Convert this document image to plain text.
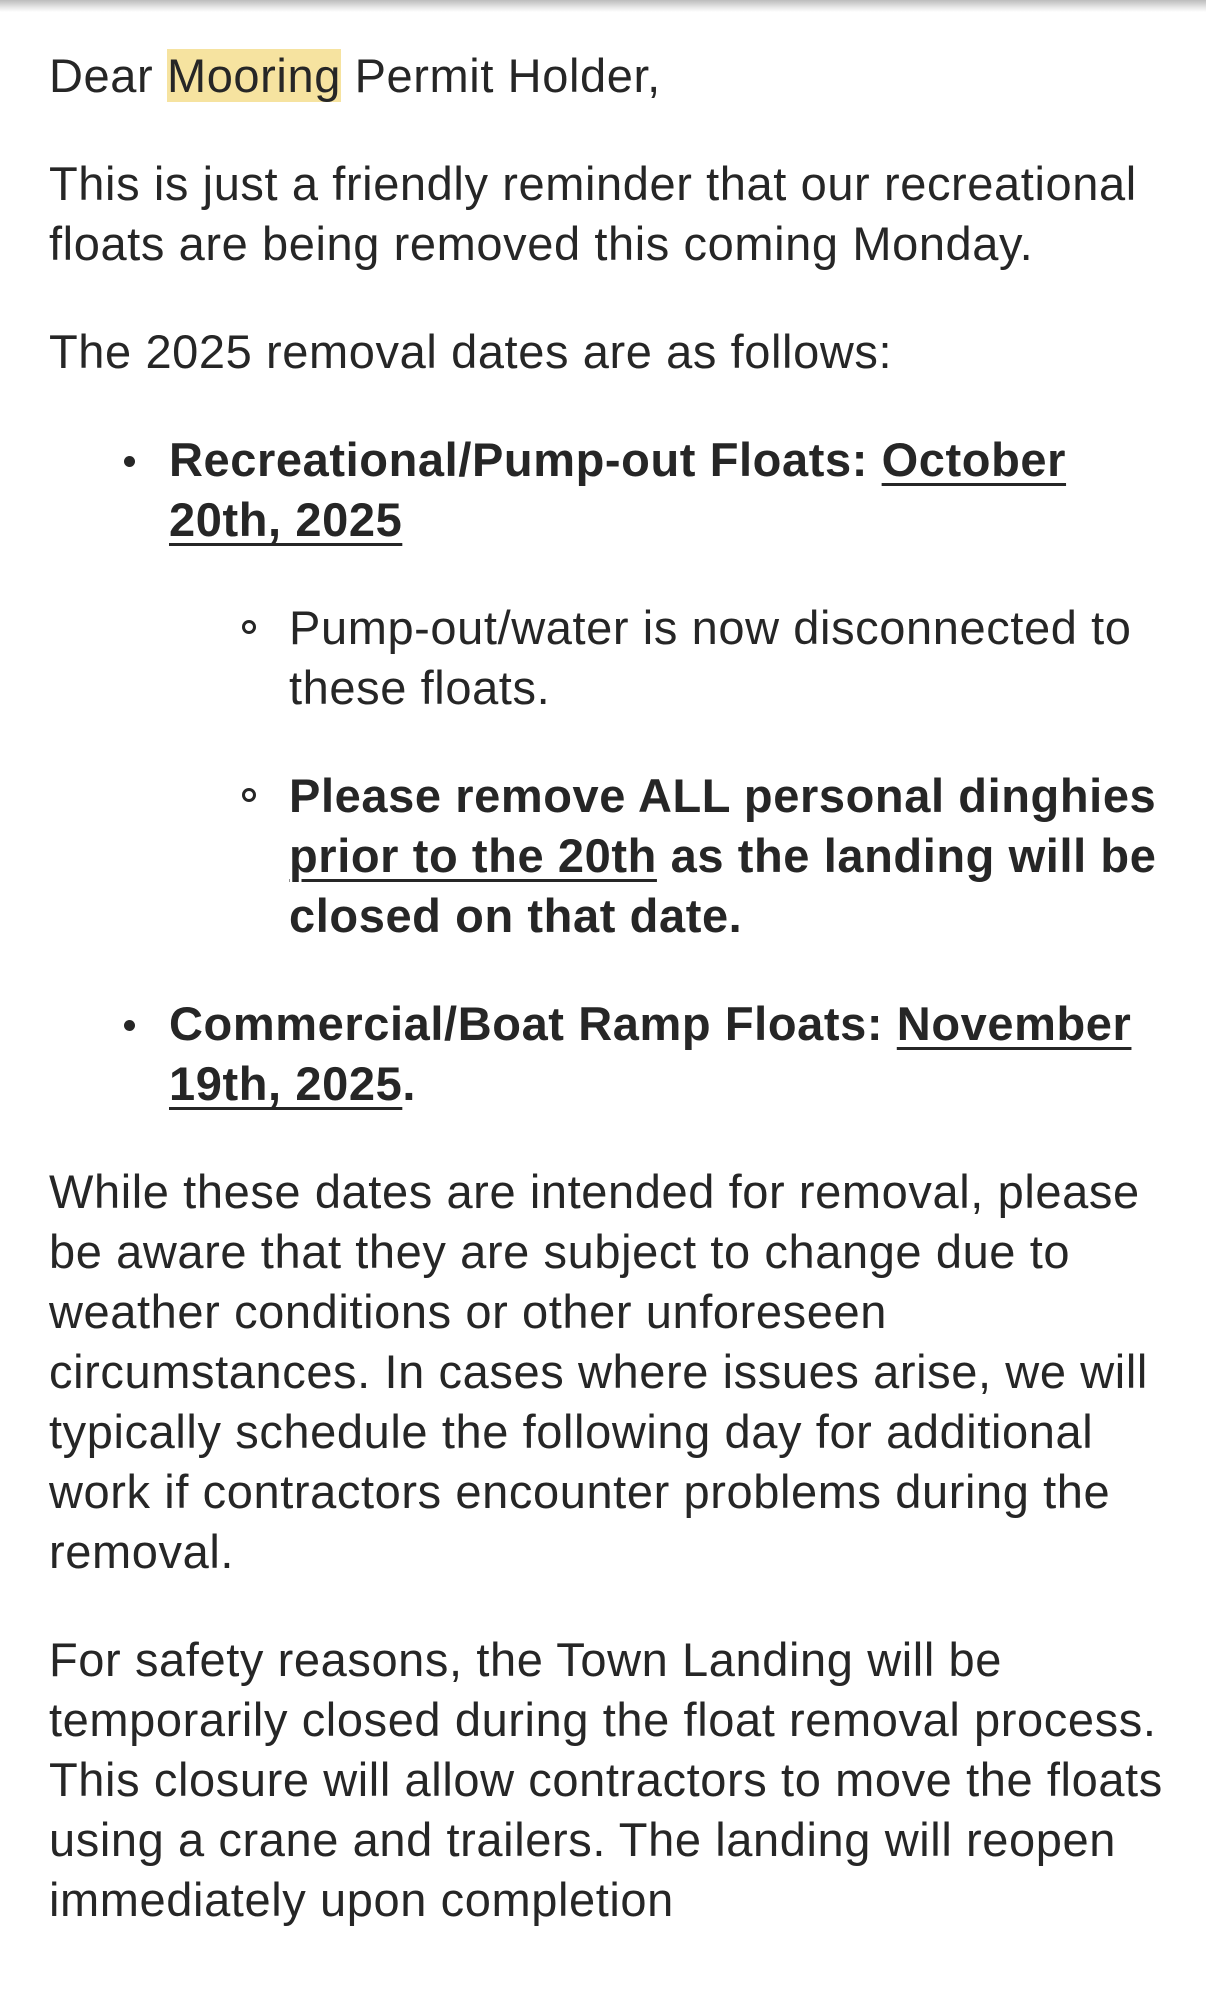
Dear Mooring Permit Holder,

This is just a friendly reminder that our recreational floats are being removed this coming Monday.

The 2025 removal dates are as follows:

Recreational/Pump-out Floats: October 20th, 2025
Pump-out/water is now disconnected to these floats.
Please remove ALL personal dinghies prior to the 20th as the landing will be closed on that date.
Commercial/Boat Ramp Floats: November 19th, 2025.

While these dates are intended for removal, please be aware that they are subject to change due to weather conditions or other unforeseen circumstances. In cases where issues arise, we will typically schedule the following day for additional work if contractors encounter problems during the removal.

For safety reasons, the Town Landing will be temporarily closed during the float removal process. This closure will allow contractors to move the floats using a crane and trailers. The landing will reopen immediately upon completion
